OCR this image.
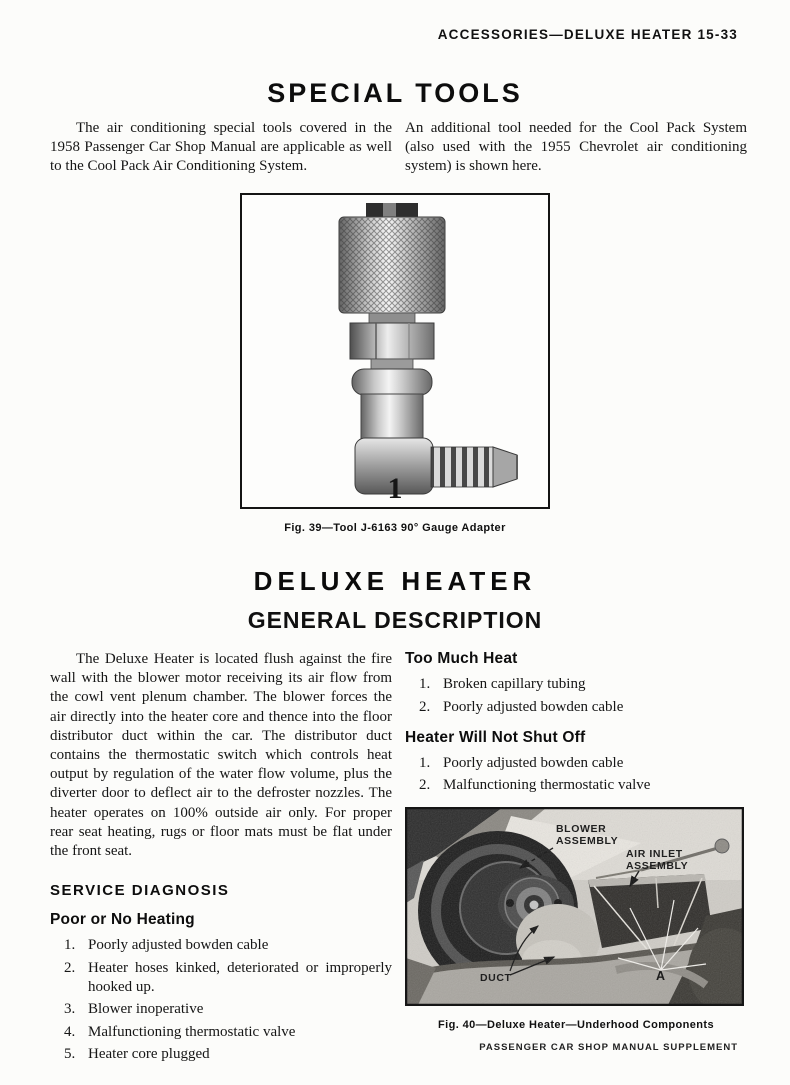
ACCESSORIES—DELUXE HEATER 15-33
SPECIAL TOOLS

The air conditioning special tools covered in the 1958 Passenger Car Shop Manual are applicable as well to the Cool Pack Air Conditioning System.

An additional tool needed for the Cool Pack System (also used with the 1955 Chevrolet air conditioning system) is shown here.

1
Fig. 39—Tool J-6163 90° Gauge Adapter
DELUXE HEATER
GENERAL DESCRIPTION

The Deluxe Heater is located flush against the fire wall with the blower motor receiving its air flow from the cowl vent plenum chamber. The blower forces the air directly into the heater core and thence into the floor distributor duct within the car. The distributor duct contains the thermostatic switch which controls heat output by regulation of the water flow volume, plus the diverter door to deflect air to the defroster nozzles. The heater operates on 100% outside air only. For proper rear seat heating, rugs or floor mats must be flat under the front seat.

SERVICE DIAGNOSIS
Poor or No Heating
Poorly adjusted bowden cable
Heater hoses kinked, deteriorated or improperly hooked up.
Blower inoperative
Malfunctioning thermostatic valve
Heater core plugged
Too Much Heat
Broken capillary tubing
Poorly adjusted bowden cable
Heater Will Not Shut Off
Poorly adjusted bowden cable
Malfunctioning thermostatic valve
BLOWER
ASSEMBLY
AIR INLET
ASSEMBLY
DUCT	A
Fig. 40—Deluxe Heater—Underhood Components
PASSENGER CAR SHOP MANUAL SUPPLEMENT
